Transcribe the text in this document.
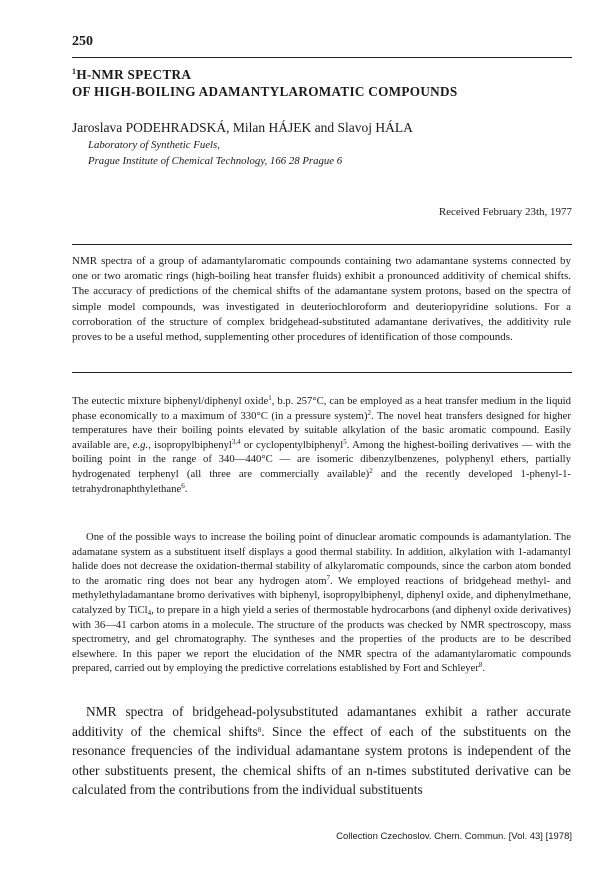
250
$^1$H-NMR SPECTRA
OF HIGH-BOILING ADAMANTYLAROMATIC COMPOUNDS
Jaroslava PODEHRADSKÁ, Milan HÁJEK and Slavoj HÁLA
Laboratory of Synthetic Fuels,
Prague Institute of Chemical Technology, 166 28 Prague 6
Received February 23th, 1977
NMR spectra of a group of adamantylaromatic compounds containing two adamantane systems connected by one or two aromatic rings (high-boiling heat transfer fluids) exhibit a pronounced additivity of chemical shifts. The accuracy of predictions of the chemical shifts of the adamantane system protons, based on the spectra of simple model compounds, was investigated in deuteriochloroform and deuteriopyridine solutions. For a corroboration of the structure of complex bridgehead-substituted adamantane derivatives, the additivity rule proves to be a useful method, supplementing other procedures of identification of those compounds.

The eutectic mixture biphenyl/diphenyl oxide$^1$, b.p. 257°C, can be employed as a heat transfer medium in the liquid phase economically to a maximum of 330°C (in a pressure system)$^2$. The novel heat transfers designed for higher temperatures have their boiling points elevated by suitable alkylation of the basic aromatic compound. Easily available are, e.g., isopropylbiphenyl$^{3,4}$ or cyclopentylbiphenyl$^5$. Among the highest-boiling derivatives — with the boiling point in the range of 340—440°C — are isomeric dibenzylbenzenes, polyphenyl ethers, partially hydrogenated terphenyl (all three are commercially available)$^2$ and the recently developed 1-phenyl-1-tetrahydronaphthylethane$^6$.

One of the possible ways to increase the boiling point of dinuclear aromatic compounds is adamantylation. The adamatane system as a substituent itself displays a good thermal stability. In addition, alkylation with 1-adamantyl halide does not decrease the oxidation-thermal stability of alkylaromatic compounds, since the carbon atom bonded to the aromatic ring does not bear any hydrogen atom$^7$. We employed reactions of bridgehead methyl- and methylethyladamantane bromo derivatives with biphenyl, isopropylbiphenyl, diphenyl oxide, and diphenylmethane, catalyzed by TiCl$_4$, to prepare in a high yield a series of thermostable hydrocarbons (and diphenyl oxide derivatives) with 36—41 carbon atoms in a molecule. The structure of the products was checked by NMR spectroscopy, mass spectrometry, and gel chromatography. The syntheses and the properties of the products are to be described elsewhere. In this paper we report the elucidation of the NMR spectra of the adamantylaromatic compounds prepared, carried out by employing the predictive correlations established by Fort and Schleyer$^8$.

NMR spectra of bridgehead-polysubstituted adamantanes exhibit a rather accurate additivity of the chemical shifts$^8$. Since the effect of each of the substituents on the resonance frequencies of the individual adamantane system protons is independent of the other substituents present, the chemical shifts of an n-times substituted derivative can be calculated from the contributions from the individual substituents

Collection Czechoslov. Chem. Commun. [Vol. 43] [1978]
